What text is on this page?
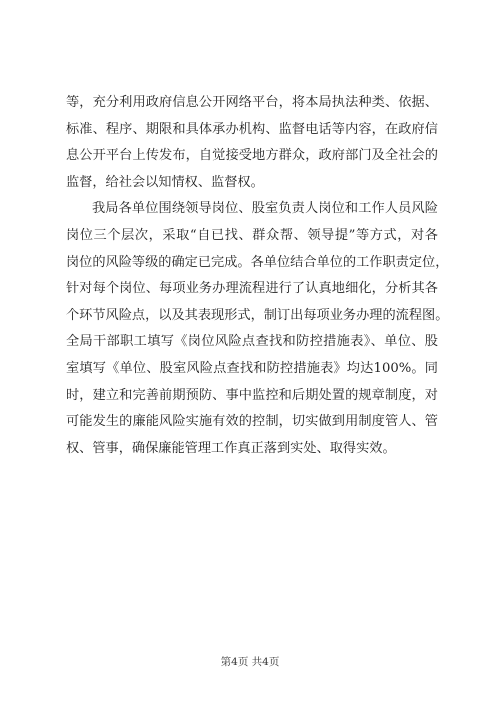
等，充分利用政府信息公开网络平台，将本局执法种类、依据、
标准、程序、期限和具体承办机构、监督电话等内容，在政府信
息公开平台上传发布，自觉接受地方群众，政府部门及全社会的
监督，给社会以知情权、监督权。
我局各单位围绕领导岗位、股室负责人岗位和工作人员风险
岗位三个层次，采取“自已找、群众帮、领导提”等方式，对各
岗位的风险等级的确定已完成。各单位结合单位的工作职责定位，
针对每个岗位、每项业务办理流程进行了认真地细化，分析其各
个环节风险点，以及其表现形式，制订出每项业务办理的流程图。
全局干部职工填写《岗位风险点查找和防控措施表》、单位、股
室填写《单位、股室风险点查找和防控措施表》均达100%。同
时，建立和完善前期预防、事中监控和后期处置的规章制度，对
可能发生的廉能风险实施有效的控制，切实做到用制度管人、管
权、管事，确保廉能管理工作真正落到实处、取得实效。
第4页 共4页
